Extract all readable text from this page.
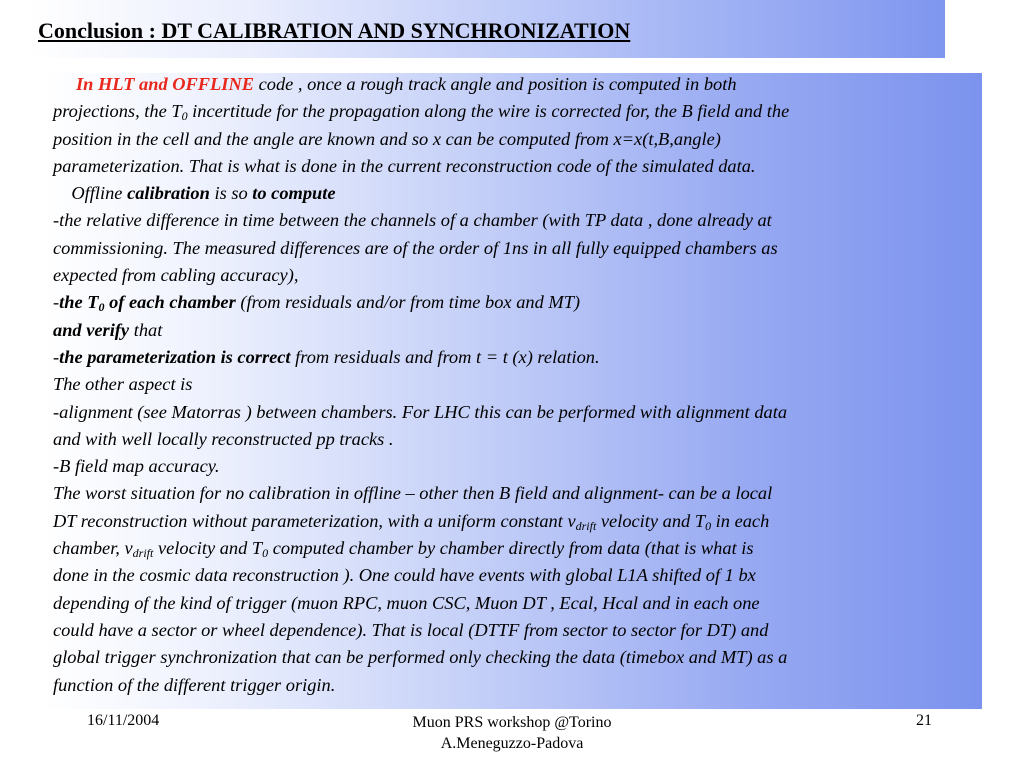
Conclusion : DT CALIBRATION AND SYNCHRONIZATION
In HLT and OFFLINE code , once a rough track angle and position is computed in both
projections, the $T_0$ incertitude for the propagation along the wire is corrected for, the B field and the
position in the cell and the angle are known and so x can be computed from x=x(t,B,angle)
parameterization. That is what is done in the current reconstruction code of the simulated data.
Offline calibration is so to compute
-the relative difference in time between the channels of a chamber (with TP data , done already at
commissioning. The measured differences are of the order of 1ns in all fully equipped chambers as
expected from cabling accuracy),
-the $T_0$ of each chamber (from residuals and/or from time box and MT)
and verify that
-the parameterization is correct from residuals and from t = t (x) relation.
The other aspect is
-alignment (see Matorras ) between chambers. For LHC this can be performed with alignment data
and with well locally reconstructed pp tracks .
-B field map accuracy.
The worst situation for no calibration in offline – other then B field and alignment- can be a local
DT reconstruction without parameterization, with a uniform constant $v_{drift}$ velocity and $T_0$ in each
chamber, $v_{drift}$ velocity and $T_0$ computed chamber by chamber directly from data (that is what is
done in the cosmic data reconstruction ). One could have events with global L1A shifted of 1 bx
depending of the kind of trigger (muon RPC, muon CSC, Muon DT , Ecal, Hcal and in each one
could have a sector or wheel dependence). That is local (DTTF from sector to sector for DT) and
global trigger synchronization that can be performed only checking the data (timebox and MT) as a
function of the different trigger origin.
16/11/2004	Muon PRS workshop @Torino
A.Meneguzzo-Padova
21
